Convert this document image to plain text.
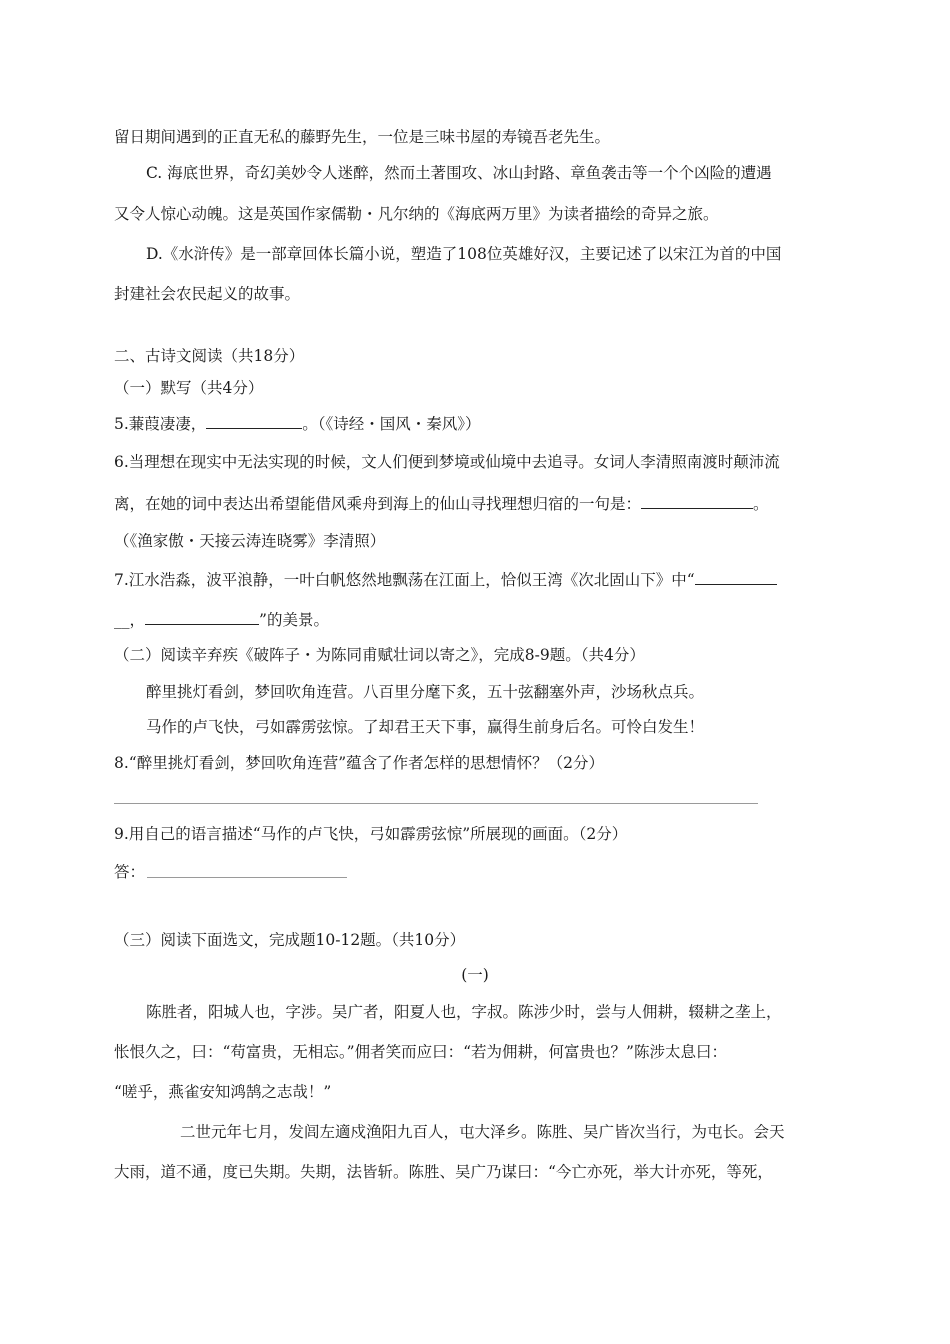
留日期间遇到的正直无私的藤野先生，一位是三味书屋的寿镜吾老先生。
C. 海底世界，奇幻美妙令人迷醉，然而土著围攻、冰山封路、章鱼袭击等一个个凶险的遭遇
又令人惊心动魄。这是英国作家儒勒・凡尔纳的《海底两万里》为读者描绘的奇异之旅。
D.《水浒传》是一部章回体长篇小说，塑造了108位英雄好汉，主要记述了以宋江为首的中国
封建社会农民起义的故事。
二、古诗文阅读（共18分）
（一）默写（共4分）
5.蒹葭凄凄，	。（《诗经・国风・秦风》）
6.当理想在现实中无法实现的时候，文人们便到梦境或仙境中去追寻。女词人李清照南渡时颠沛流
离，在她的词中表达出希望能借风乘舟到海上的仙山寻找理想归宿的一句是：	。
（《渔家傲・天接云涛连晓雾》李清照）
7.江水浩淼，波平浪静，一叶白帆悠然地飘荡在江面上，恰似王湾《次北固山下》中“
__，	”的美景。
（二）阅读辛弃疾《破阵子・为陈同甫赋壮词以寄之》，完成8-9题。（共4分）
醉里挑灯看剑，梦回吹角连营。八百里分麾下炙，五十弦翻塞外声，沙场秋点兵。
马作的卢飞快，弓如霹雳弦惊。了却君王天下事，赢得生前身后名。可怜白发生！
8.“醉里挑灯看剑，梦回吹角连营”蕴含了作者怎样的思想情怀？（2分）
9.用自己的语言描述“马作的卢飞快，弓如霹雳弦惊”所展现的画面。（2分）
答：
（三）阅读下面选文，完成题10-12题。（共10分）
(一)
陈胜者，阳城人也，字涉。吴广者，阳夏人也，字叔。陈涉少时，尝与人佣耕，辍耕之垄上，
怅恨久之，曰：“苟富贵，无相忘。”佣者笑而应曰：“若为佣耕，何富贵也？”陈涉太息曰：
“嗟乎，燕雀安知鸿鹄之志哉！”
二世元年七月，发闾左適戍渔阳九百人，屯大泽乡。陈胜、吴广皆次当行，为屯长。会天
大雨，道不通，度已失期。失期，法皆斩。陈胜、吴广乃谋曰：“今亡亦死，举大计亦死，等死，
